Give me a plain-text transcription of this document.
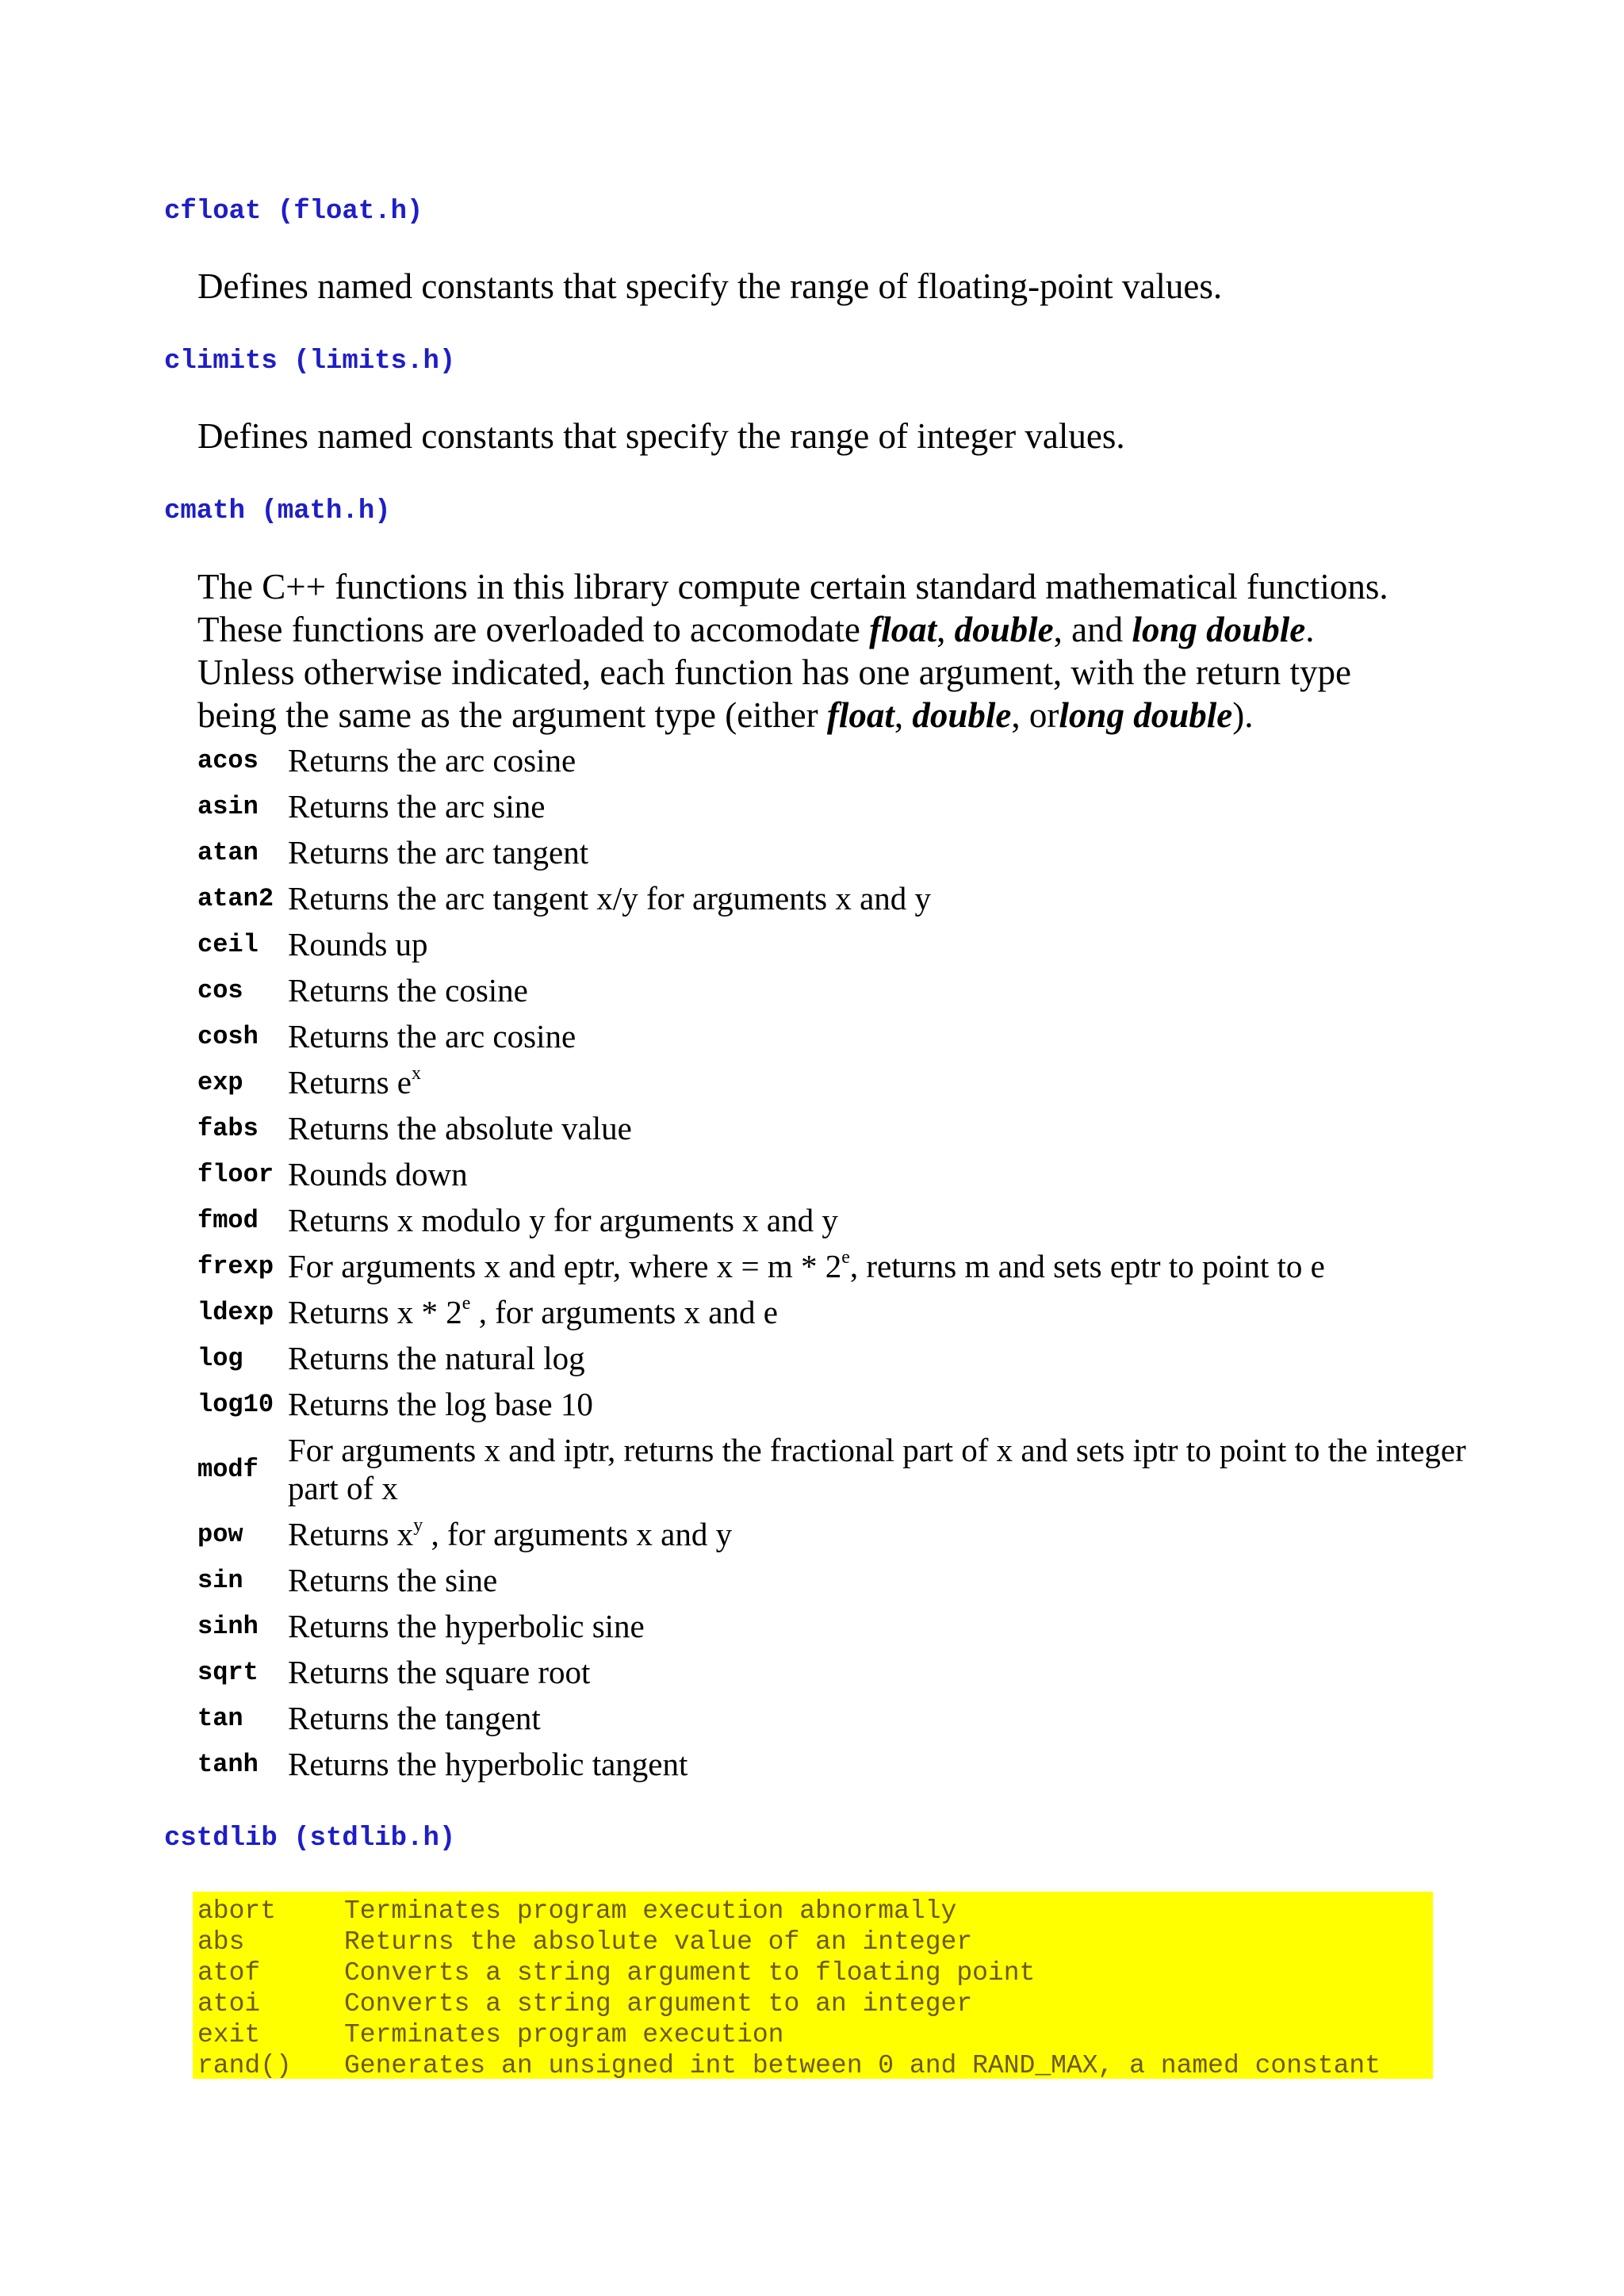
cfloat (float.h)

Defines named constants that specify the range of floating-point values.

climits (limits.h)

Defines named constants that specify the range of integer values.

cmath (math.h)

The C++ functions in this library compute certain standard mathematical functions.
These functions are overloaded to accomodate float, double, and long double.
Unless otherwise indicated, each function has one argument, with the return type
being the same as the argument type (either float, double, orlong double).
acos	Returns the arc cosine
asin	Returns the arc sine
atan	Returns the arc tangent
atan2	Returns the arc tangent x/y for arguments x and y
ceil	Rounds up
cos	Returns the cosine
cosh	Returns the arc cosine
exp	Returns $e^x$
fabs	Returns the absolute value
floor	Rounds down
fmod	Returns x modulo y for arguments x and y
frexp	For arguments x and eptr, where x = m * 2e, returns m and sets eptr to point to e
ldexp	Returns x * 2e , for arguments x and e
log	Returns the natural log
log10	Returns the log base 10
modf	For arguments x and iptr, returns the fractional part of x and sets iptr to point to the integer part of x
pow	Returns $x^y$ , for arguments x and y
sin	Returns the sine
sinh	Returns the hyperbolic sine
sqrt	Returns the square root
tan	Returns the tangent
tanh	Returns the hyperbolic tangent

cstdlib (stdlib.h)

abort	Terminates program execution abnormally
abs	Returns the absolute value of an integer
atof	Converts a string argument to floating point
atoi	Converts a string argument to an integer
exit	Terminates program execution
rand() Generates an unsigned int between 0 and RAND_MAX, a named constant
